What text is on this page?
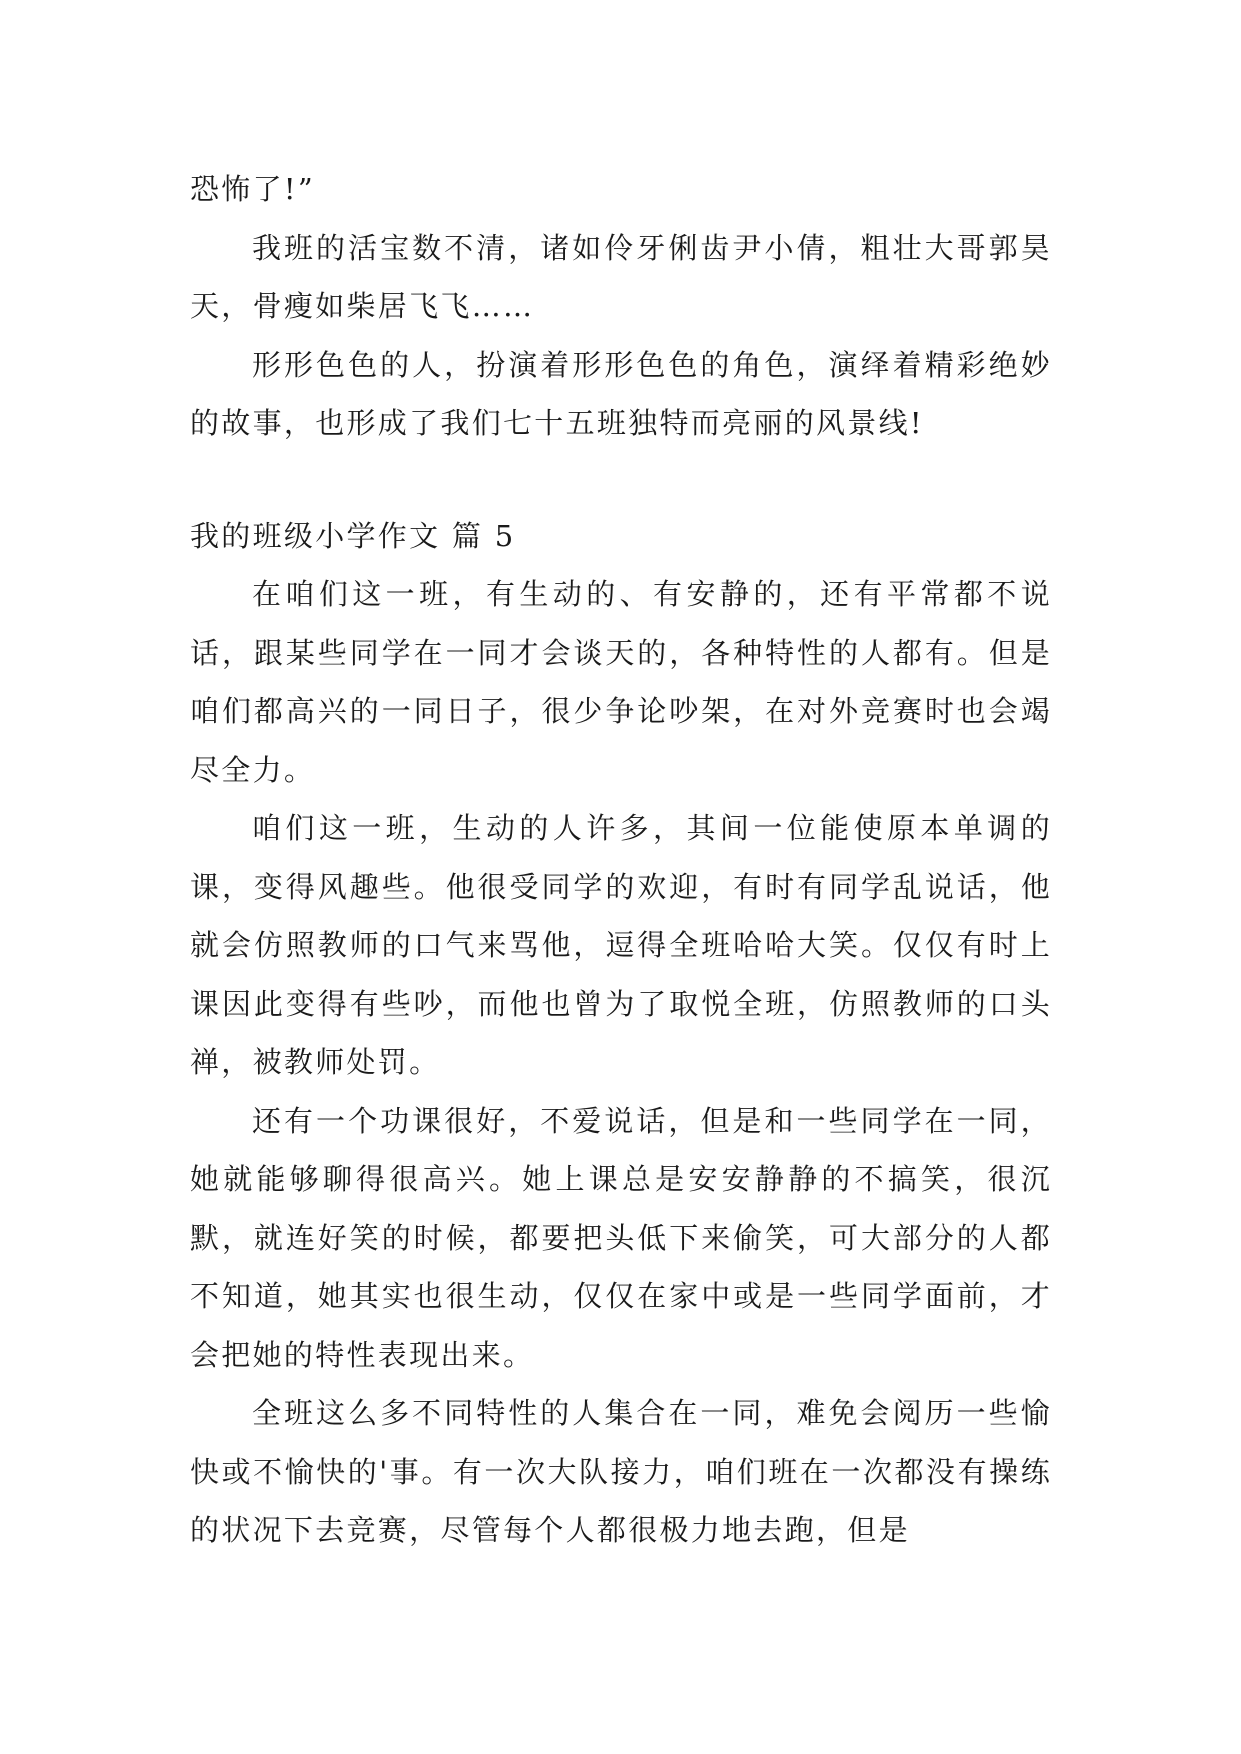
恐怖了!”

我班的活宝数不清，诸如伶牙俐齿尹小倩，粗壮大哥郭昊天，骨瘦如柴居飞飞……

形形色色的人，扮演着形形色色的角色，演绎着精彩绝妙的故事，也形成了我们七十五班独特而亮丽的风景线!

我的班级小学作文 篇 5

在咱们这一班，有生动的、有安静的，还有平常都不说话，跟某些同学在一同才会谈天的，各种特性的人都有。但是咱们都高兴的一同日子，很少争论吵架，在对外竞赛时也会竭尽全力。

咱们这一班，生动的人许多，其间一位能使原本单调的课，变得风趣些。他很受同学的欢迎，有时有同学乱说话，他就会仿照教师的口气来骂他，逗得全班哈哈大笑。仅仅有时上课因此变得有些吵，而他也曾为了取悦全班，仿照教师的口头禅，被教师处罚。

还有一个功课很好，不爱说话，但是和一些同学在一同，她就能够聊得很高兴。她上课总是安安静静的不搞笑，很沉默，就连好笑的时候，都要把头低下来偷笑，可大部分的人都不知道，她其实也很生动，仅仅在家中或是一些同学面前，才会把她的特性表现出来。

全班这么多不同特性的人集合在一同，难免会阅历一些愉快或不愉快的'事。有一次大队接力，咱们班在一次都没有操练的状况下去竞赛，尽管每个人都很极力地去跑，但是
